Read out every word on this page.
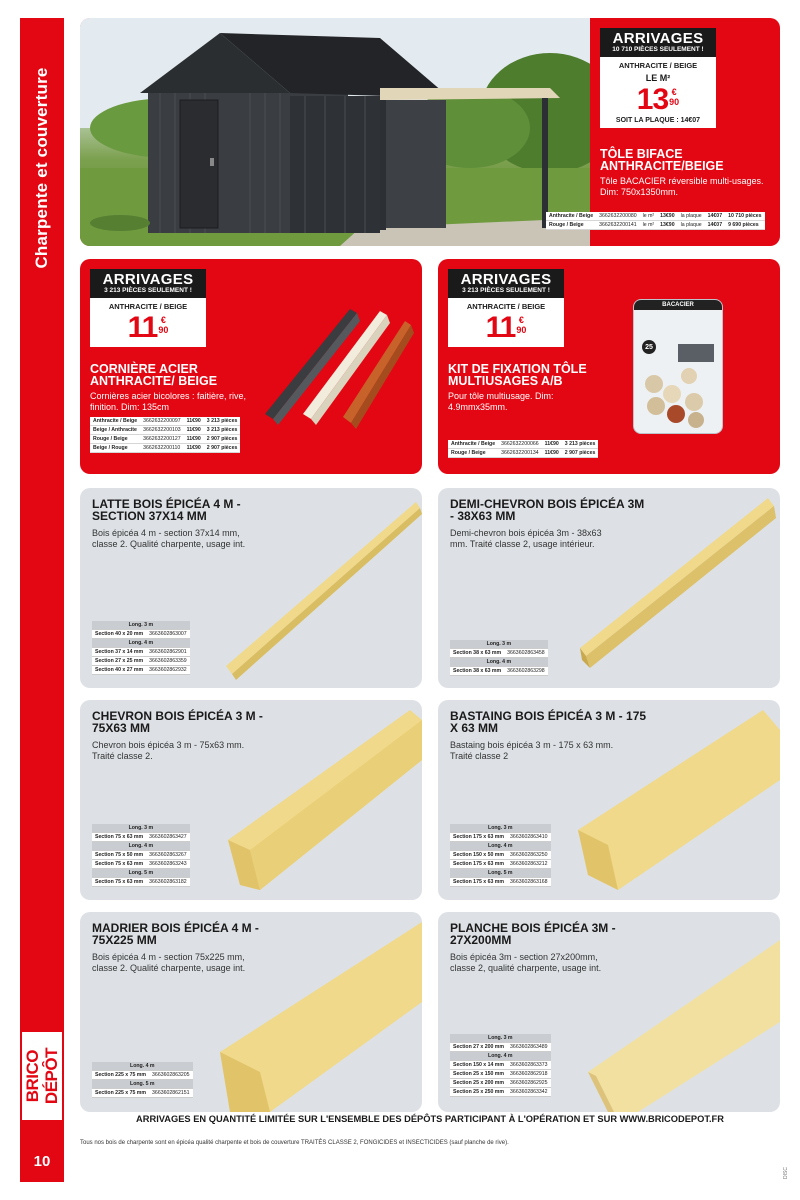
Charpente et couverture
BRICO DÉPÔT
10
ARRIVAGES
10 710 PIÈCES SEULEMENT !
ANTHRACITE / BEIGE
LE M²
13 €
90
SOIT LA PLAQUE : 14€07
TÔLE BIFACE ANTHRACITE/BEIGE
Tôle BACACIER réversible multi-usages. Dim: 750x1350mm.
Anthracite / Beige	3662632200080	le m²	13€90	la plaque	14€07	10 710 pièces
Rouge / Beige	3662632200141	le m²	13€90	la plaque	14€07	9 690 pièces
ARRIVAGES
3 213 PIÈCES SEULEMENT !
ANTHRACITE / BEIGE
11 €
90
CORNIÈRE ACIER ANTHRACITE/ BEIGE
Cornières acier bicolores : faitière, rive, finition. Dim: 135cm
Anthracite / Beige	3662632200097	11€90	3 213 pièces
Beige / Anthracite	3662632200103	11€90	3 213 pièces
Rouge / Beige	3662632200127	11€90	2 907 pièces
Beige / Rouge	3662632200110	11€90	2 907 pièces
ARRIVAGES
3 213 PIÈCES SEULEMENT !
ANTHRACITE / BEIGE
11 €
90
BACACIER
25
KIT DE FIXATION TÔLE MULTIUSAGES A/B
Pour tôle multiusage. Dim: 4.9mmx35mm.
Anthracite / Beige	3662632200066	11€90	3 213 pièces
Rouge / Beige	3662632200134	11€90	2 907 pièces
LATTE BOIS ÉPICÉA 4 M - SECTION 37X14 MM
Bois épicéa 4 m - section 37x14 mm, classe 2. Qualité charpente, usage int.
Long. 3 m	
Section 40 x 20 mm	3663602863007
Long. 4 m	
Section 37 x 14 mm	3663602862901
Section 27 x 25 mm	3663602863359
Section 40 x 27 mm	3663602862932
DEMI-CHEVRON BOIS ÉPICÉA 3M - 38X63 MM
Demi-chevron bois épicéa 3m - 38x63 mm. Traité classe 2, usage intérieur.
Long. 3 m	
Section 38 x 63 mm	3663602863458
Long. 4 m	
Section 38 x 63 mm	3663602863298
CHEVRON BOIS ÉPICÉA 3 M - 75X63 MM
Chevron bois épicéa 3 m - 75x63 mm. Traité classe 2.
Long. 3 m	
Section 75 x 63 mm	3663602863427
Long. 4 m	
Section 75 x 50 mm	3663602863267
Section 75 x 63 mm	3663602863243
Long. 5 m	
Section 75 x 63 mm	3663602863182
BASTAING BOIS ÉPICÉA 3 M - 175 X 63 MM
Bastaing bois épicéa 3 m - 175 x 63 mm. Traité classe 2
Long. 3 m	
Section 175 x 63 mm	3663602863410
Long. 4 m	
Section 150 x 50 mm	3663602863250
Section 175 x 63 mm	3663602863212
Long. 5 m	
Section 175 x 63 mm	3663602863168
MADRIER BOIS ÉPICÉA 4 M - 75X225 MM
Bois épicéa 4 m - section 75x225 mm, classe 2. Qualité charpente, usage int.
Long. 4 m	
Section 225 x 75 mm	3663602863205
Long. 5 m	
Section 225 x 75 mm	3663602862151
PLANCHE BOIS ÉPICÉA 3M - 27X200MM
Bois épicéa 3m - section 27x200mm, classe 2, qualité charpente, usage int.
Long. 3 m	
Section 27 x 200 mm	3663602863489
Long. 4 m	
Section 150 x 14 mm	3663602863373
Section 25 x 150 mm	3663602862918
Section 25 x 200 mm	3663602862925
Section 25 x 250 mm	3663602863342
ARRIVAGES EN QUANTITÉ LIMITÉE SUR L'ENSEMBLE DES DÉPÔTS PARTICIPANT À L'OPÉRATION ET SUR WWW.BRICODEPOT.FR
Tous nos bois de charpente sont en épicéa qualité charpente et bois de couverture TRAITÉS CLASSE 2, FONGICIDES et INSECTICIDES (sauf planche de rive).
DISC
